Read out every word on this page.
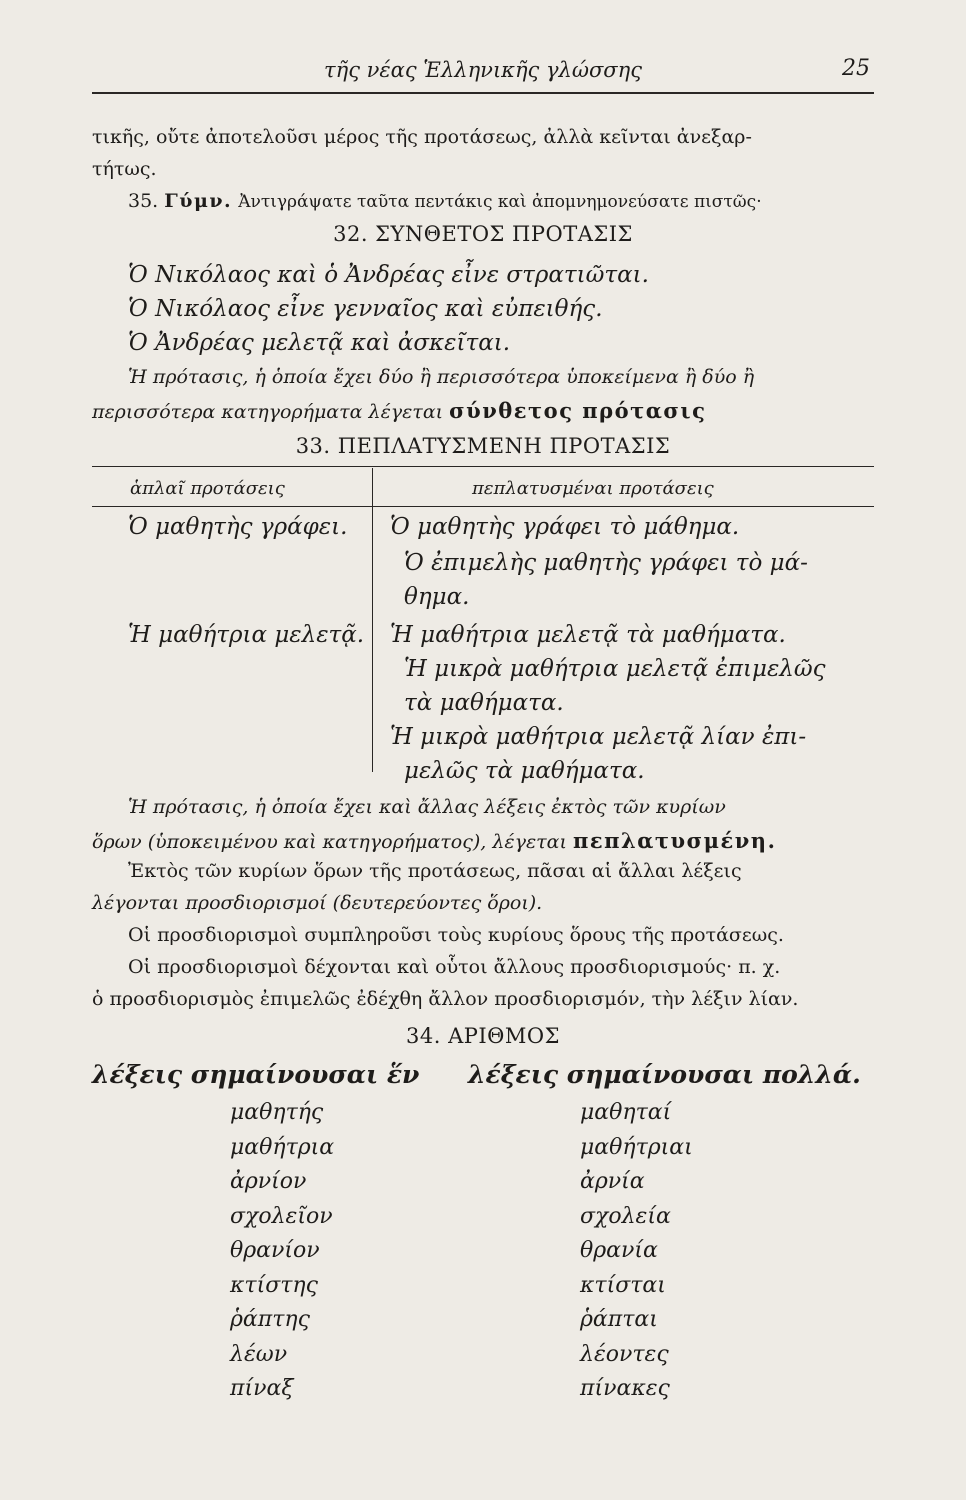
τῆς νέας Ἑλληνικῆς γλώσσης	25
τικῆς, οὔτε ἀποτελοῦσι μέρος τῆς προτάσεως, ἀλλὰ κεῖνται ἀνεξαρ-
τήτως.
35. Γύμν. Ἀντιγράψατε ταῦτα πεντάκις καὶ ἀπομνημονεύσατε πιστῶς·
32. ΣΥΝΘΕΤΟΣ ΠΡΟΤΑΣΙΣ
Ὁ Νικόλαος καὶ ὁ Ἀνδρέας εἶνε στρατιῶται.
Ὁ Νικόλαος εἶνε γενναῖος καὶ εὐπειθής.
Ὁ Ἀνδρέας μελετᾷ καὶ ἀσκεῖται.
Ἡ πρότασις, ἡ ὁποία ἔχει δύο ἢ περισσότερα ὑποκείμενα ἢ δύο ἢ
περισσότερα κατηγορήματα λέγεται σύνθετος πρότασις
33. ΠΕΠΛΑΤΥΣΜΕΝΗ ΠΡΟΤΑΣΙΣ
ἁπλαῖ προτάσεις	πεπλατυσμέναι προτάσεις
Ὁ μαθητὴς γράφει.
Ἡ μαθήτρια μελετᾷ.
Ὁ μαθητὴς γράφει τὸ μάθημα.
Ὁ ἐπιμελὴς μαθητὴς γράφει τὸ μά-
θημα.
Ἡ μαθήτρια μελετᾷ τὰ μαθήματα.
Ἡ μικρὰ μαθήτρια μελετᾷ ἐπιμελῶς
τὰ μαθήματα.
Ἡ μικρὰ μαθήτρια μελετᾷ λίαν ἐπι-
μελῶς τὰ μαθήματα.
Ἡ πρότασις, ἡ ὁποία ἔχει καὶ ἄλλας λέξεις ἐκτὸς τῶν κυρίων
ὅρων (ὑποκειμένου καὶ κατηγορήματος), λέγεται πεπλατυσμένη.
Ἐκτὸς τῶν κυρίων ὅρων τῆς προτάσεως, πᾶσαι αἱ ἄλλαι λέξεις
λέγονται προσδιορισμοί (δευτερεύοντες ὅροι).
Οἱ προσδιορισμοὶ συμπληροῦσι τοὺς κυρίους ὅρους τῆς προτάσεως.
Οἱ προσδιορισμοὶ δέχονται καὶ οὗτοι ἄλλους προσδιορισμούς· π. χ.
ὁ προσδιορισμὸς ἐπιμελῶς ἐδέχθη ἄλλον προσδιορισμόν, τὴν λέξιν λίαν.
34. ΑΡΙΘΜΟΣ
λέξεις σημαίνουσαι ἕν λέξεις σημαίνουσαι πολλά.
μαθητής
μαθήτρια
ἀρνίον
σχολεῖον
θρανίον
κτίστης
ῥάπτης
λέων
πίναξ
μαθηταί
μαθήτριαι
ἀρνία
σχολεία
θρανία
κτίσται
ῥάπται
λέοντες
πίνακες
